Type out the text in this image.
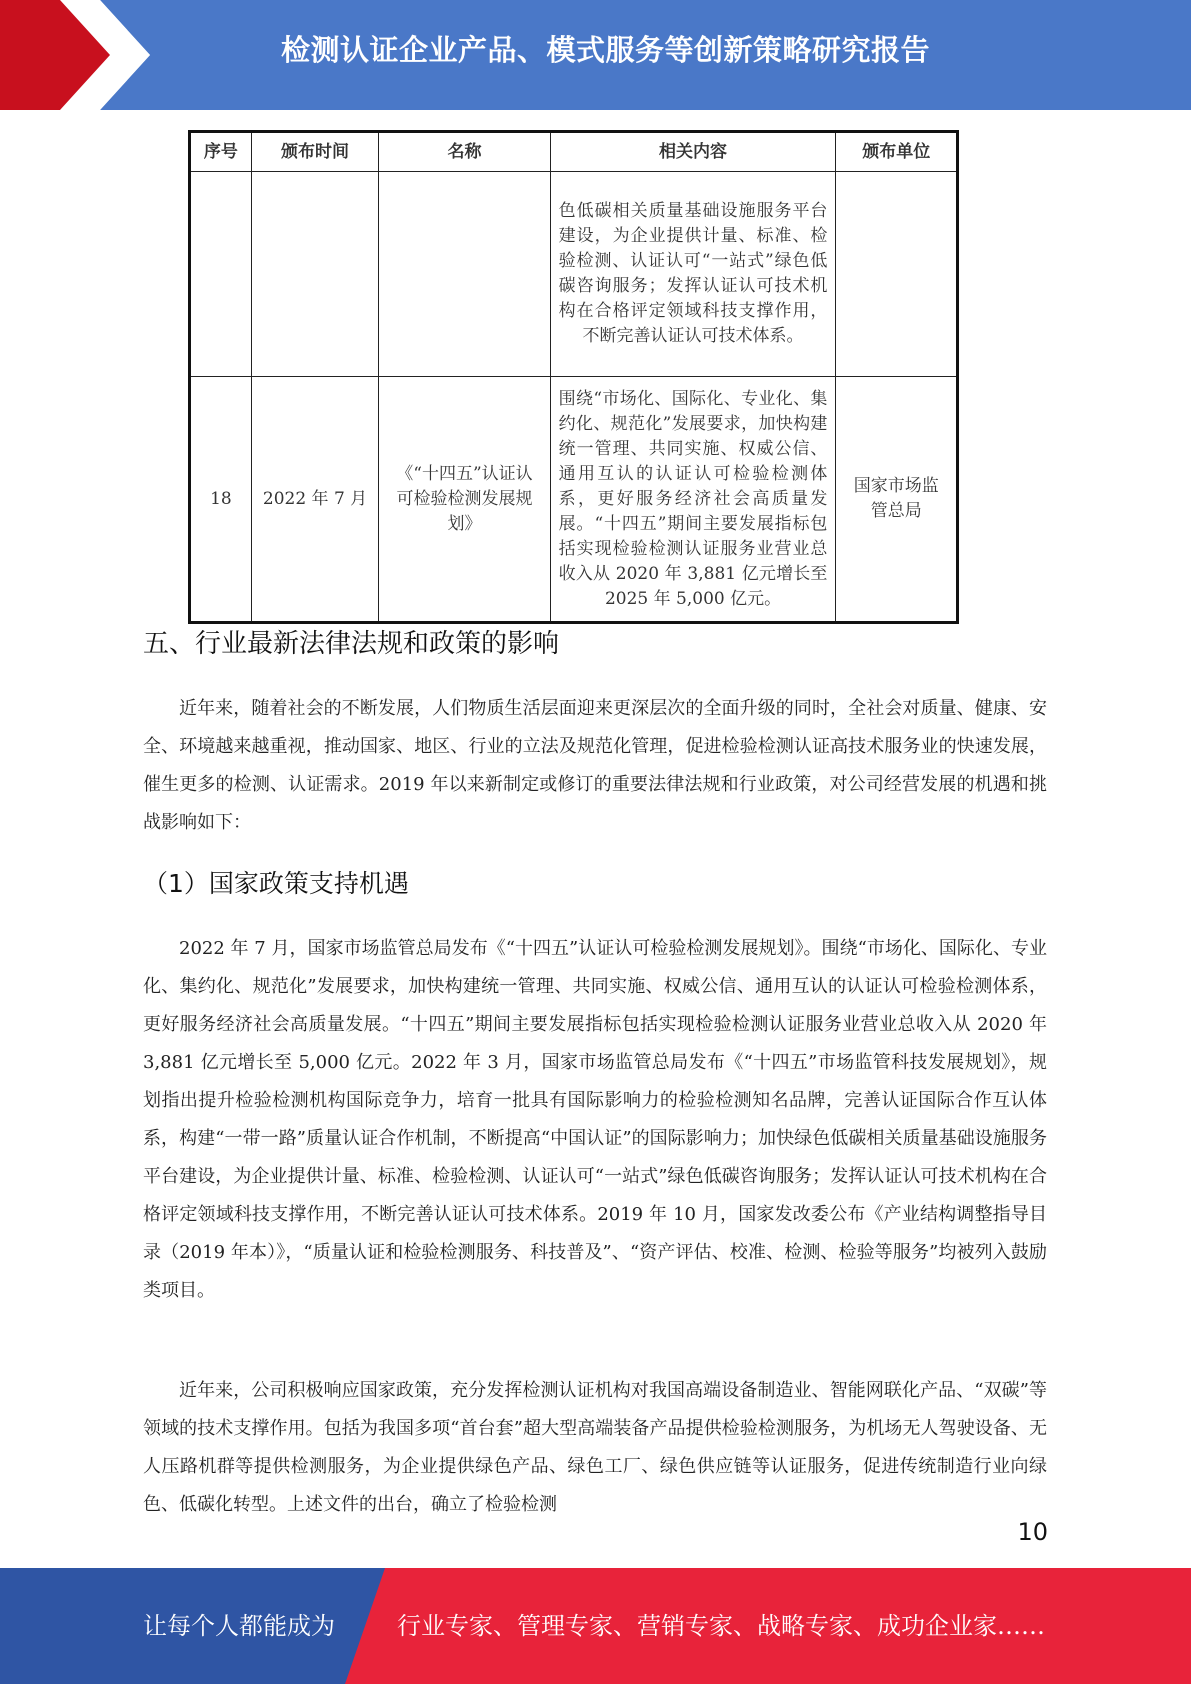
检测认证企业产品、模式服务等创新策略研究报告
序号	颁布时间	名称	相关内容	颁布单位
			色低碳相关质量基础设施服务平台建设，为企业提供计量、标准、检验检测、认证认可“一站式”绿色低碳咨询服务；发挥认证认可技术机构在合格评定领域科技支撑作用，不断完善认证认可技术体系。	
18	2022 年 7 月	《“十四五”认证认可检验检测发展规划》	围绕“市场化、国际化、专业化、集约化、规范化”发展要求，加快构建统一管理、共同实施、权威公信、通用互认的认证认可检验检测体系，更好服务经济社会高质量发展。“十四五”期间主要发展指标包括实现检验检测认证服务业营业总收入从 2020 年 3,881 亿元增长至 2025 年 5,000 亿元。	国家市场监管总局
五、行业最新法律法规和政策的影响

近年来，随着社会的不断发展，人们物质生活层面迎来更深层次的全面升级的同时，全社会对质量、健康、安全、环境越来越重视，推动国家、地区、行业的立法及规范化管理，促进检验检测认证高技术服务业的快速发展，催生更多的检测、认证需求。2019 年以来新制定或修订的重要法律法规和行业政策，对公司经营发展的机遇和挑战影响如下：

（1）国家政策支持机遇

2022 年 7 月，国家市场监管总局发布《“十四五”认证认可检验检测发展规划》。围绕“市场化、国际化、专业化、集约化、规范化”发展要求，加快构建统一管理、共同实施、权威公信、通用互认的认证认可检验检测体系，更好服务经济社会高质量发展。“十四五”期间主要发展指标包括实现检验检测认证服务业营业总收入从 2020 年 3,881 亿元增长至 5,000 亿元。2022 年 3 月，国家市场监管总局发布《“十四五”市场监管科技发展规划》，规划指出提升检验检测机构国际竞争力，培育一批具有国际影响力的检验检测知名品牌，完善认证国际合作互认体系，构建“一带一路”质量认证合作机制，不断提高“中国认证”的国际影响力；加快绿色低碳相关质量基础设施服务平台建设，为企业提供计量、标准、检验检测、认证认可“一站式”绿色低碳咨询服务；发挥认证认可技术机构在合格评定领域科技支撑作用，不断完善认证认可技术体系。2019 年 10 月，国家发改委公布《产业结构调整指导目录（2019 年本）》，“质量认证和检验检测服务、科技普及”、“资产评估、校准、检测、检验等服务”均被列入鼓励类项目。

近年来，公司积极响应国家政策，充分发挥检测认证机构对我国高端设备制造业、智能网联化产品、“双碳”等领域的技术支撑作用。包括为我国多项“首台套”超大型高端装备产品提供检验检测服务，为机场无人驾驶设备、无人压路机群等提供检测服务，为企业提供绿色产品、绿色工厂、绿色供应链等认证服务，促进传统制造行业向绿色、低碳化转型。上述文件的出台，确立了检验检测

10
让每个人都能成为	行业专家、管理专家、营销专家、战略专家、成功企业家……
